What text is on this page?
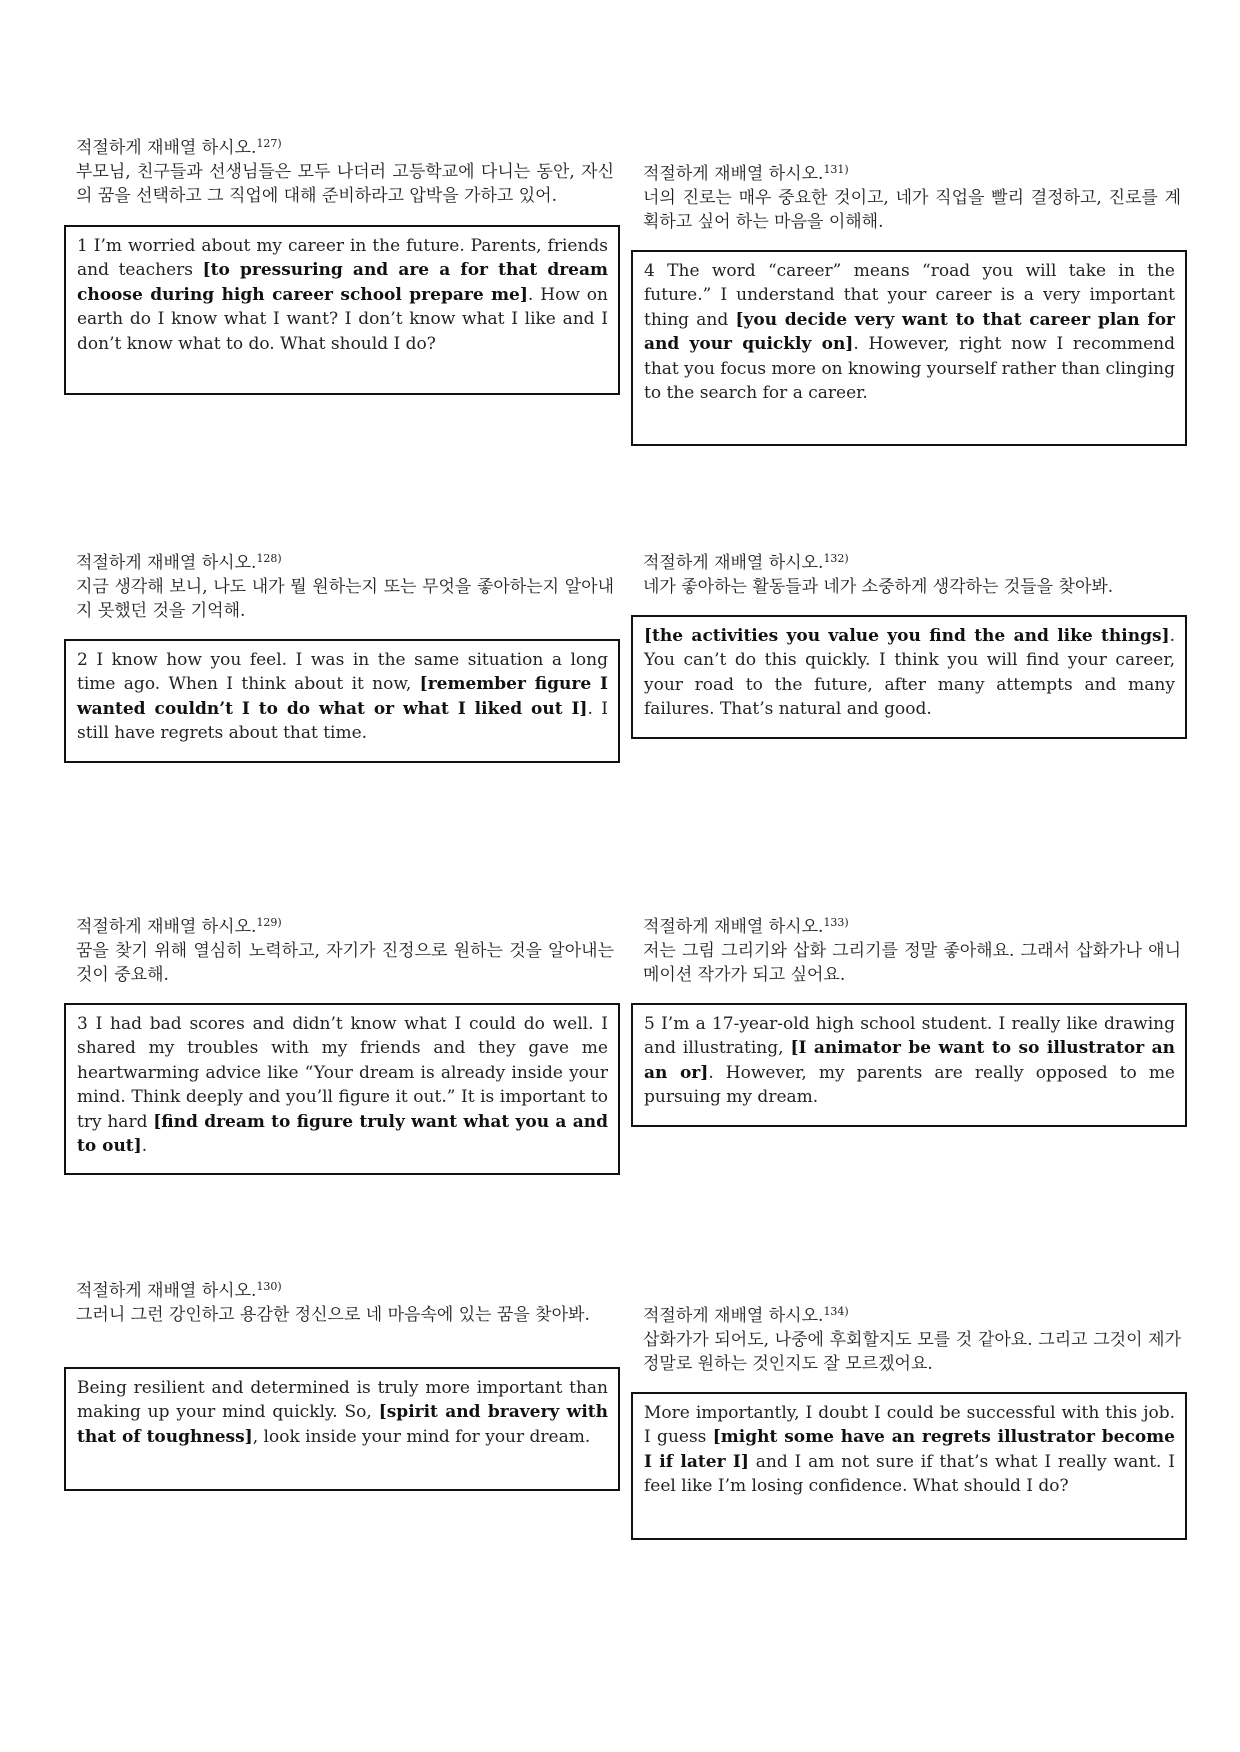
적절하게 재배열 하시오.$^{127)}$
부모님, 친구들과 선생님들은 모두 나더러 고등학교에 다니는 동안, 자신의 꿈을 선택하고 그 직업에 대해 준비하라고 압박을 가하고 있어.
1 I’m worried about my career in the future. Parents, friends and teachers [to pressuring and are a for that dream choose during high career school prepare me]. How on earth do I know what I want? I don’t know what I like and I don’t know what to do. What should I do?
적절하게 재배열 하시오.$^{128)}$
지금 생각해 보니, 나도 내가 뭘 원하는지 또는 무엇을 좋아하는지 알아내지 못했던 것을 기억해.
2 I know how you feel. I was in the same situation a long time ago. When I think about it now, [remember figure I wanted couldn’t I to do what or what I liked out I]. I still have regrets about that time.
적절하게 재배열 하시오.$^{129)}$
꿈을 찾기 위해 열심히 노력하고, 자기가 진정으로 원하는 것을 알아내는 것이 중요해.
3 I had bad scores and didn’t know what I could do well. I shared my troubles with my friends and they gave me heartwarming advice like “Your dream is already inside your mind. Think deeply and you’ll figure it out.” It is important to try hard [find dream to figure truly want what you a and to out].
적절하게 재배열 하시오.$^{130)}$
그러니 그런 강인하고 용감한 정신으로 네 마음속에 있는 꿈을 찾아봐.
Being resilient and determined is truly more important than making up your mind quickly. So, [spirit and bravery with that of toughness], look inside your mind for your dream.
적절하게 재배열 하시오.$^{131)}$
너의 진로는 매우 중요한 것이고, 네가 직업을 빨리 결정하고, 진로를 계획하고 싶어 하는 마음을 이해해.
4 The word “career” means “road you will take in the future.” I understand that your career is a very important thing and [you decide very want to that career plan for and your quickly on]. However, right now I recommend that you focus more on knowing yourself rather than clinging to the search for a career.
적절하게 재배열 하시오.$^{132)}$
네가 좋아하는 활동들과 네가 소중하게 생각하는 것들을 찾아봐.
[the activities you value you find the and like things]. You can’t do this quickly. I think you will find your career, your road to the future, after many attempts and many failures. That’s natural and good.
적절하게 재배열 하시오.$^{133)}$
저는 그림 그리기와 삽화 그리기를 정말 좋아해요. 그래서 삽화가나 애니메이션 작가가 되고 싶어요.
5 I’m a 17-year-old high school student. I really like drawing and illustrating, [I animator be want to so illustrator an an or]. However, my parents are really opposed to me pursuing my dream.
적절하게 재배열 하시오.$^{134)}$
삽화가가 되어도, 나중에 후회할지도 모를 것 같아요. 그리고 그것이 제가 정말로 원하는 것인지도 잘 모르겠어요.
More importantly, I doubt I could be successful with this job. I guess [might some have an regrets illustrator become I if later I] and I am not sure if that’s what I really want. I feel like I’m losing confidence. What should I do?
